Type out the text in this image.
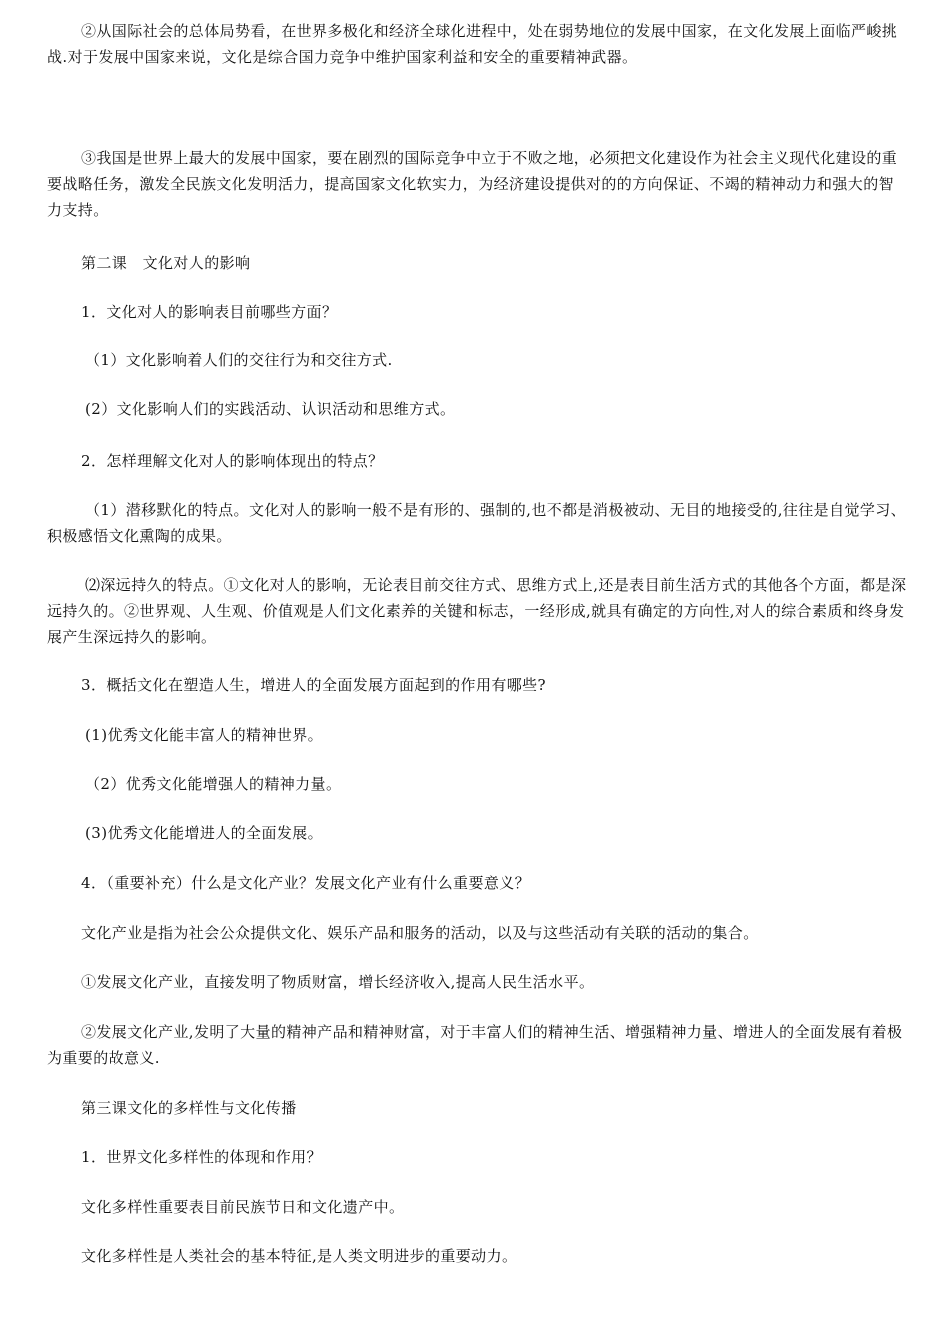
②从国际社会的总体局势看，在世界多极化和经济全球化进程中，处在弱势地位的发展中国家，在文化发展上面临严峻挑战.对于发展中国家来说，文化是综合国力竞争中维护国家利益和安全的重要精神武器。

③我国是世界上最大的发展中国家，要在剧烈的国际竞争中立于不败之地，必须把文化建设作为社会主义现代化建设的重要战略任务，激发全民族文化发明活力，提高国家文化软实力，为经济建设提供对的的方向保证、不竭的精神动力和强大的智力支持。

第二课　文化对人的影响

1．文化对人的影响表目前哪些方面？

（1）文化影响着人们的交往行为和交往方式.

(2）文化影响人们的实践活动、认识活动和思维方式。

2．怎样理解文化对人的影响体现出的特点？

（1）潜移默化的特点。文化对人的影响一般不是有形的、强制的,也不都是消极被动、无目的地接受的,往往是自觉学习、积极感悟文化熏陶的成果。

⑵深远持久的特点。①文化对人的影响，无论表目前交往方式、思维方式上,还是表目前生活方式的其他各个方面，都是深远持久的。②世界观、人生观、价值观是人们文化素养的关键和标志，一经形成,就具有确定的方向性,对人的综合素质和终身发展产生深远持久的影响。

3．概括文化在塑造人生，增进人的全面发展方面起到的作用有哪些?

(1)优秀文化能丰富人的精神世界。

（2）优秀文化能增强人的精神力量。

(3)优秀文化能增进人的全面发展。

4．（重要补充）什么是文化产业？发展文化产业有什么重要意义？

文化产业是指为社会公众提供文化、娱乐产品和服务的活动，以及与这些活动有关联的活动的集合。

①发展文化产业，直接发明了物质财富，增长经济收入,提高人民生活水平。

②发展文化产业,发明了大量的精神产品和精神财富，对于丰富人们的精神生活、增强精神力量、增进人的全面发展有着极为重要的故意义.

第三课文化的多样性与文化传播

1．世界文化多样性的体现和作用？

文化多样性重要表目前民族节日和文化遗产中。

文化多样性是人类社会的基本特征,是人类文明进步的重要动力。
